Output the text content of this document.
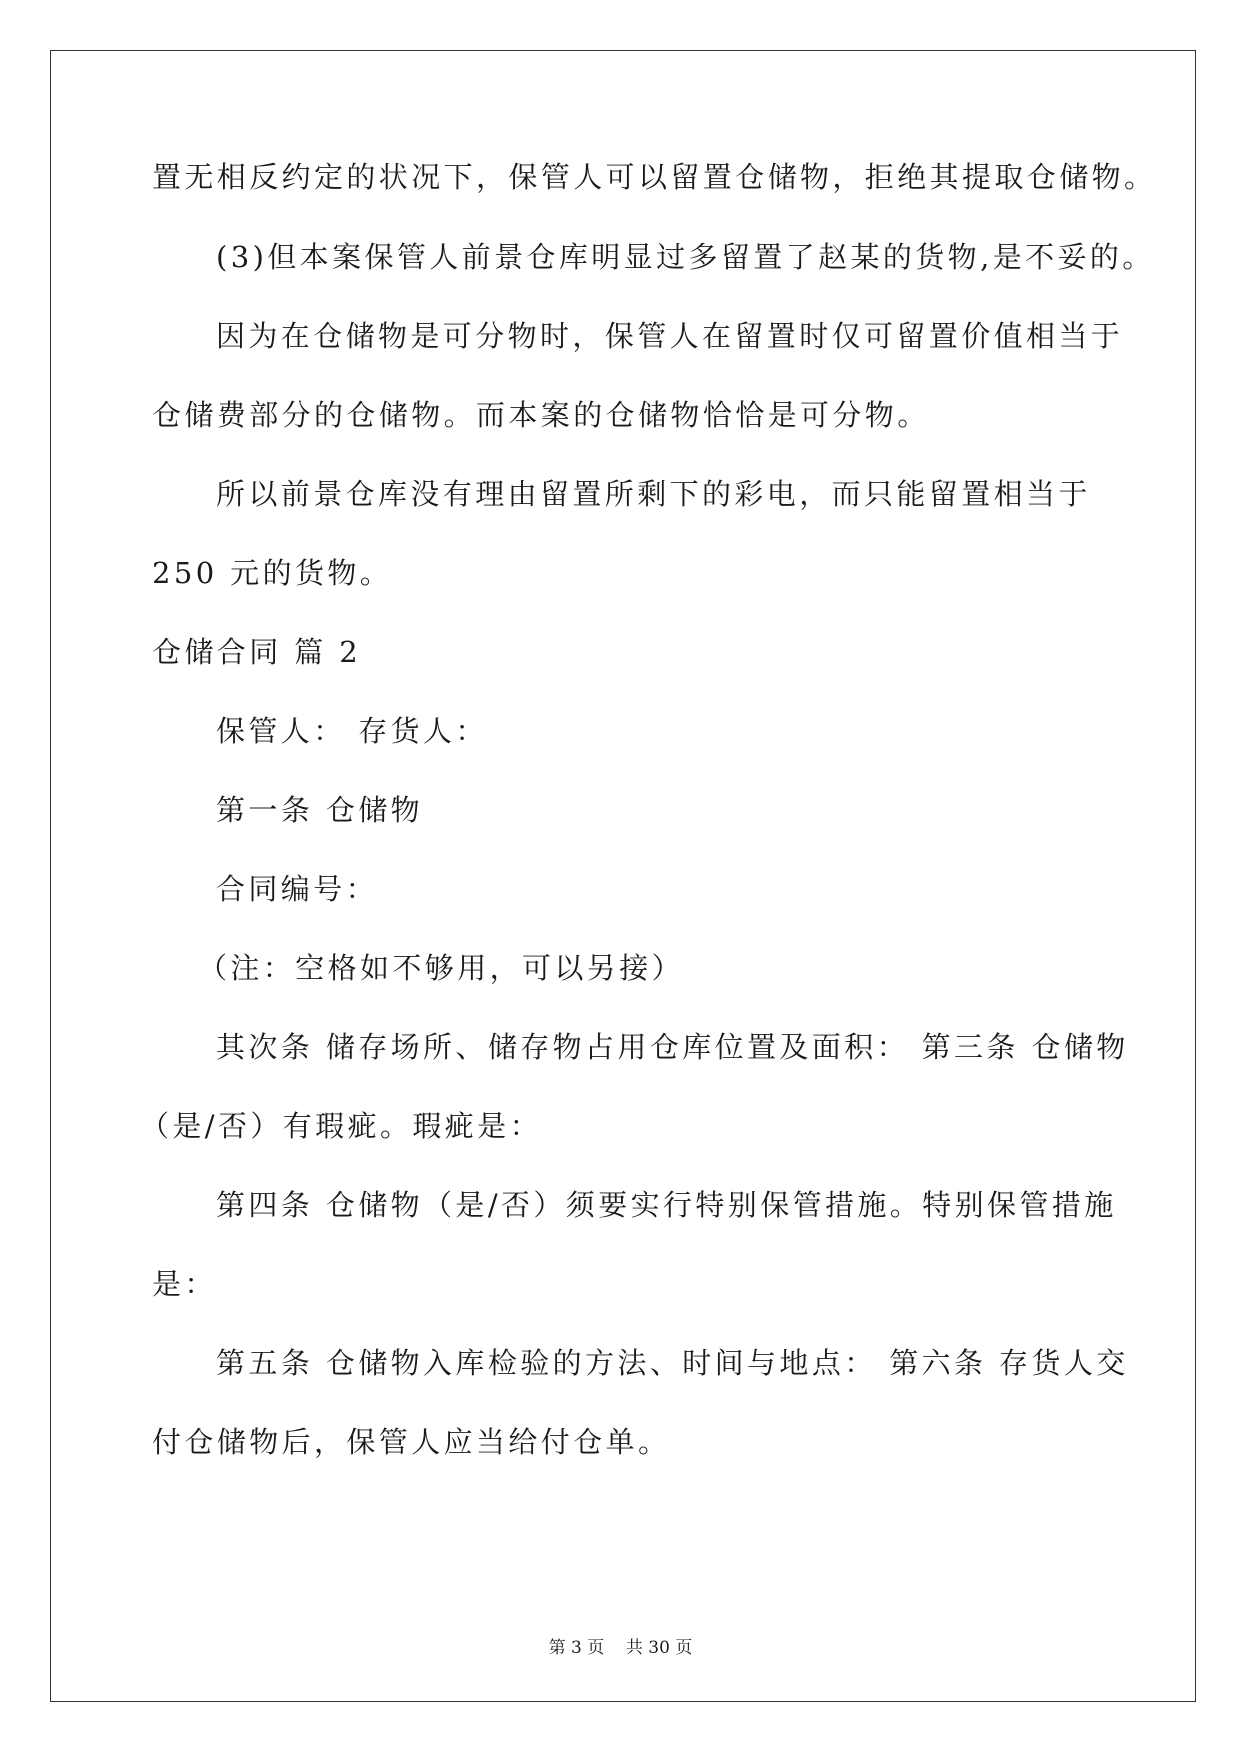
置无相反约定的状况下，保管人可以留置仓储物，拒绝其提取仓储物。
(3)但本案保管人前景仓库明显过多留置了赵某的货物,是不妥的。
因为在仓储物是可分物时，保管人在留置时仅可留置价值相当于
仓储费部分的仓储物。而本案的仓储物恰恰是可分物。
所以前景仓库没有理由留置所剩下的彩电，而只能留置相当于
250 元的货物。
仓储合同 篇 2
保管人： 存货人：
第一条 仓储物
合同编号：
（注：空格如不够用，可以另接）
其次条 储存场所、储存物占用仓库位置及面积： 第三条 仓储物
（是/否）有瑕疵。瑕疵是：
第四条 仓储物（是/否）须要实行特别保管措施。特别保管措施
是：
第五条 仓储物入库检验的方法、时间与地点： 第六条 存货人交
付仓储物后，保管人应当给付仓单。
第 3 页    共 30 页
